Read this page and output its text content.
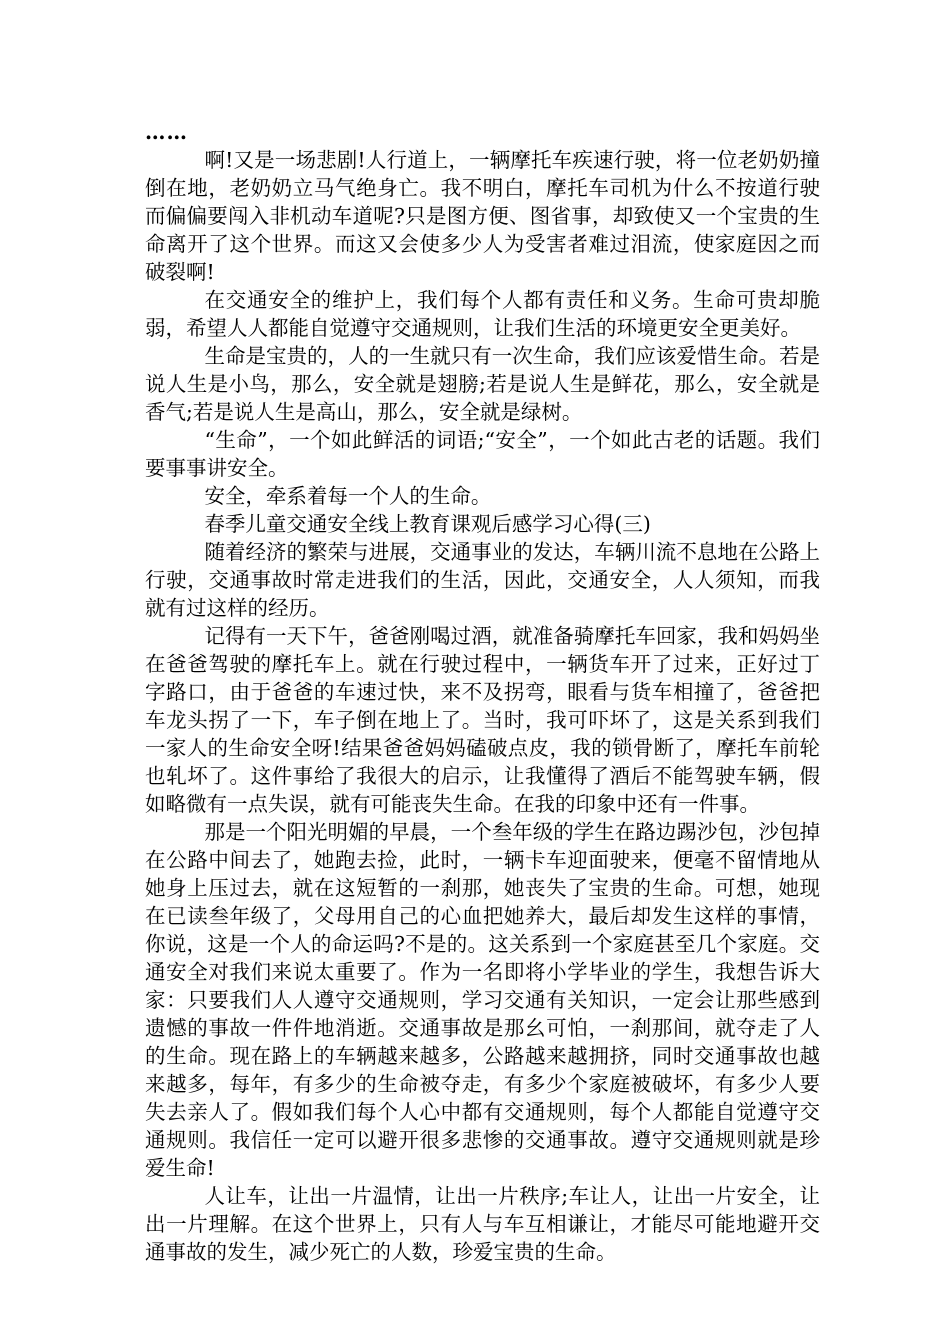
……

啊!又是一场悲剧!人行道上，一辆摩托车疾速行驶，将一位老奶奶撞倒在地，老奶奶立马气绝身亡。我不明白，摩托车司机为什么不按道行驶而偏偏要闯入非机动车道呢?只是图方便、图省事，却致使又一个宝贵的生命离开了这个世界。而这又会使多少人为受害者难过泪流，使家庭因之而破裂啊!

在交通安全的维护上，我们每个人都有责任和义务。生命可贵却脆弱，希望人人都能自觉遵守交通规则，让我们生活的环境更安全更美好。

生命是宝贵的，人的一生就只有一次生命，我们应该爱惜生命。若是说人生是小鸟，那么，安全就是翅膀;若是说人生是鲜花，那么，安全就是香气;若是说人生是高山，那么，安全就是绿树。

“生命”，一个如此鲜活的词语;“安全”，一个如此古老的话题。我们要事事讲安全。

安全，牵系着每一个人的生命。

春季儿童交通安全线上教育课观后感学习心得(三)

随着经济的繁荣与进展，交通事业的发达，车辆川流不息地在公路上行驶，交通事故时常走进我们的生活，因此，交通安全，人人须知，而我就有过这样的经历。

记得有一天下午，爸爸刚喝过酒，就准备骑摩托车回家，我和妈妈坐在爸爸驾驶的摩托车上。就在行驶过程中，一辆货车开了过来，正好过丁字路口，由于爸爸的车速过快，来不及拐弯，眼看与货车相撞了，爸爸把车龙头拐了一下，车子倒在地上了。当时，我可吓坏了，这是关系到我们一家人的生命安全呀!结果爸爸妈妈磕破点皮，我的锁骨断了，摩托车前轮也轧坏了。这件事给了我很大的启示，让我懂得了酒后不能驾驶车辆，假如略微有一点失误，就有可能丧失生命。在我的印象中还有一件事。

那是一个阳光明媚的早晨，一个叁年级的学生在路边踢沙包，沙包掉在公路中间去了，她跑去捡，此时，一辆卡车迎面驶来，便毫不留情地从她身上压过去，就在这短暂的一刹那，她丧失了宝贵的生命。可想，她现在已读叁年级了，父母用自己的心血把她养大，最后却发生这样的事情，你说，这是一个人的命运吗?不是的。这关系到一个家庭甚至几个家庭。交通安全对我们来说太重要了。作为一名即将小学毕业的学生，我想告诉大家：只要我们人人遵守交通规则，学习交通有关知识，一定会让那些感到遗憾的事故一件件地消逝。交通事故是那幺可怕，一刹那间，就夺走了人的生命。现在路上的车辆越来越多，公路越来越拥挤，同时交通事故也越来越多，每年，有多少的生命被夺走，有多少个家庭被破坏，有多少人要失去亲人了。假如我们每个人心中都有交通规则，每个人都能自觉遵守交通规则。我信任一定可以避开很多悲惨的交通事故。遵守交通规则就是珍爱生命!

人让车，让出一片温情，让出一片秩序;车让人，让出一片安全，让出一片理解。在这个世界上，只有人与车互相谦让，才能尽可能地避开交通事故的发生，减少死亡的人数，珍爱宝贵的生命。
